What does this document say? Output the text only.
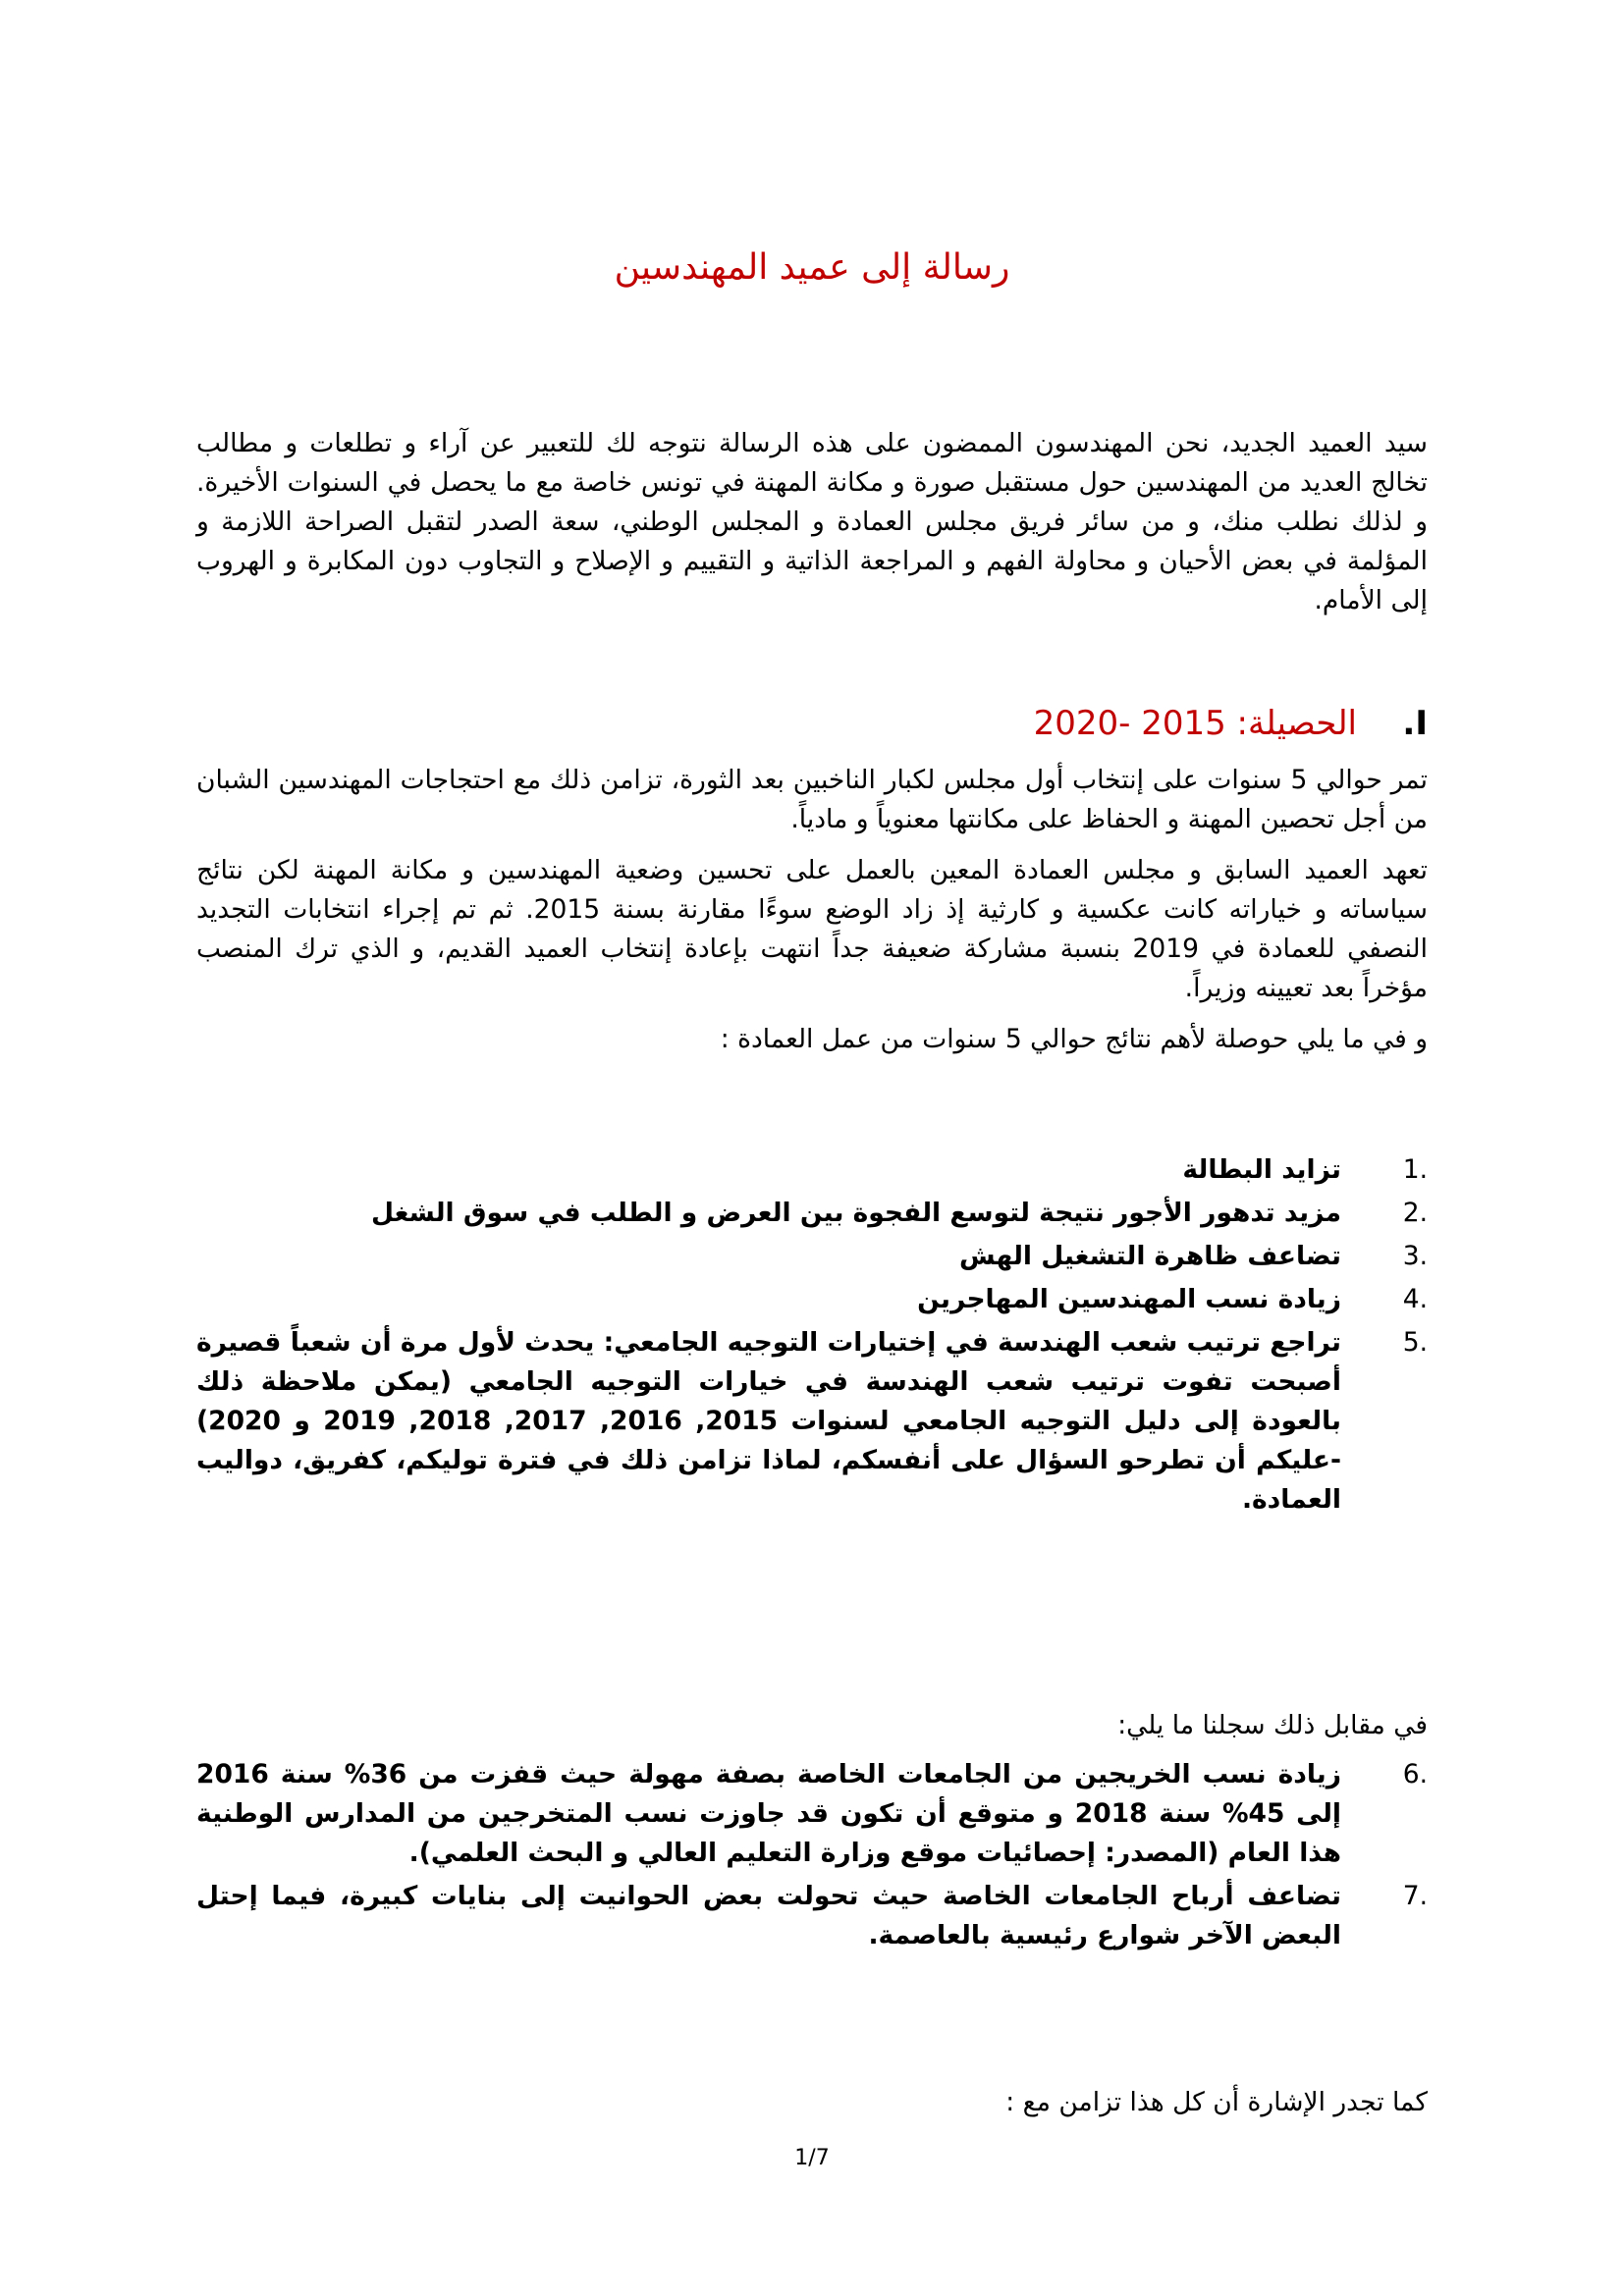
رسالة إلى عميد المهندسين

سيد العميد الجديد، نحن المهندسون الممضون على هذه الرسالة نتوجه لك للتعبير عن آراء و تطلعات و مطالب تخالج العديد من المهندسين حول مستقبل صورة و مكانة المهنة في تونس خاصة مع ما يحصل في السنوات الأخيرة. و لذلك نطلب منك، و من سائر فريق مجلس العمادة و المجلس الوطني، سعة الصدر لتقبل الصراحة اللازمة و المؤلمة في بعض الأحيان و محاولة الفهم و المراجعة الذاتية و التقييم و الإصلاح و التجاوب دون المكابرة و الهروب إلى الأمام.

I.الحصيلة: 2015 -2020

تمر حوالي 5 سنوات على إنتخاب أول مجلس لكبار الناخبين بعد الثورة، تزامن ذلك مع احتجاجات المهندسين الشبان من أجل تحصين المهنة و الحفاظ على مكانتها معنوياً و مادياً.

تعهد العميد السابق و مجلس العمادة المعين بالعمل على تحسين وضعية المهندسين و مكانة المهنة لكن نتائج سياساته و خياراته كانت عكسية و كارثية إذ زاد الوضع سوءًا مقارنة بسنة 2015. ثم تم إجراء انتخابات التجديد النصفي للعمادة في 2019 بنسبة مشاركة ضعيفة جداً انتهت بإعادة إنتخاب العميد القديم، و الذي ترك المنصب مؤخراً بعد تعيينه وزيراً.

و في ما يلي حوصلة لأهم نتائج حوالي 5 سنوات من عمل العمادة :

1.
تزايد البطالة
2.
مزيد تدهور الأجور نتيجة لتوسع الفجوة بين العرض و الطلب في سوق الشغل
3.
تضاعف ظاهرة التشغيل الهش
4.
زيادة نسب المهندسين المهاجرين
5.
تراجع ترتيب شعب الهندسة في إختيارات التوجيه الجامعي: يحدث لأول مرة أن شعباً قصيرة أصبحت تفوت ترتيب شعب الهندسة في خيارات التوجيه الجامعي (يمكن ملاحظة ذلك بالعودة إلى دليل التوجيه الجامعي لسنوات 2015, 2016, 2017, 2018, 2019 و 2020) -عليكم أن تطرحو السؤال على أنفسكم، لماذا تزامن ذلك في فترة توليكم، كفريق، دواليب العمادة.

في مقابل ذلك سجلنا ما يلي:

6.
زيادة نسب الخريجين من الجامعات الخاصة بصفة مهولة حيث قفزت من 36% سنة 2016 إلى 45% سنة 2018 و متوقع أن تكون قد جاوزت نسب المتخرجين من المدارس الوطنية هذا العام (المصدر: إحصائيات موقع وزارة التعليم العالي و البحث العلمي).
7.
تضاعف أرباح الجامعات الخاصة حيث تحولت بعض الحوانيت إلى بنايات كبيرة، فيما إحتل البعض الآخر شوارع رئيسية بالعاصمة.

كما تجدر الإشارة أن كل هذا تزامن مع :

1/7
